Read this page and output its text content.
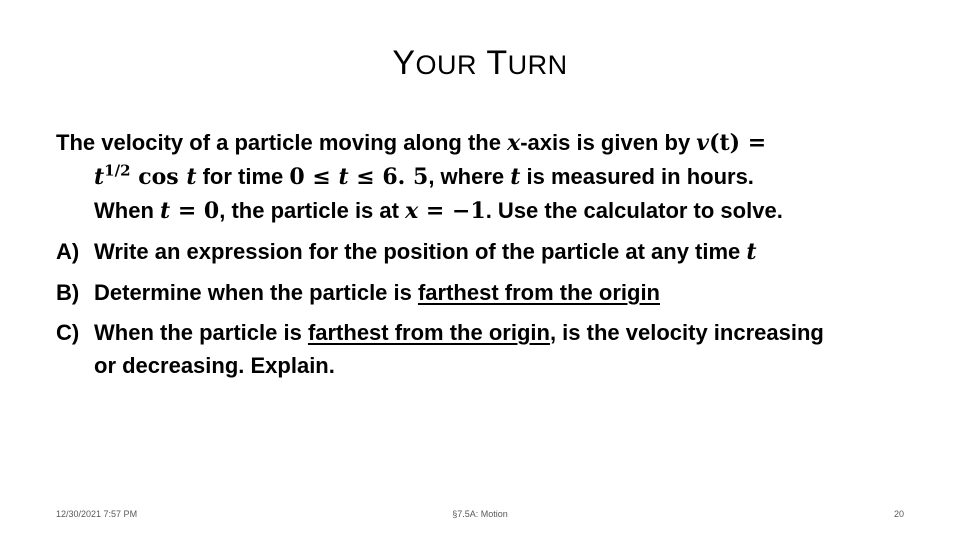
YOUR TURN
The velocity of a particle moving along the x-axis is given by v(t) =
$t^{1/2}$ cos t for time 0 ≤ t ≤ 6. 5, where t is measured in hours.
When t = 0, the particle is at x = −1. Use the calculator to solve.
A) Write an expression for the position of the particle at any time t
B) Determine when the particle is farthest from the origin
C) When the particle is farthest from the origin, is the velocity increasing
or decreasing. Explain.
12/30/2021 7:57 PM	§7.5A: Motion	20
